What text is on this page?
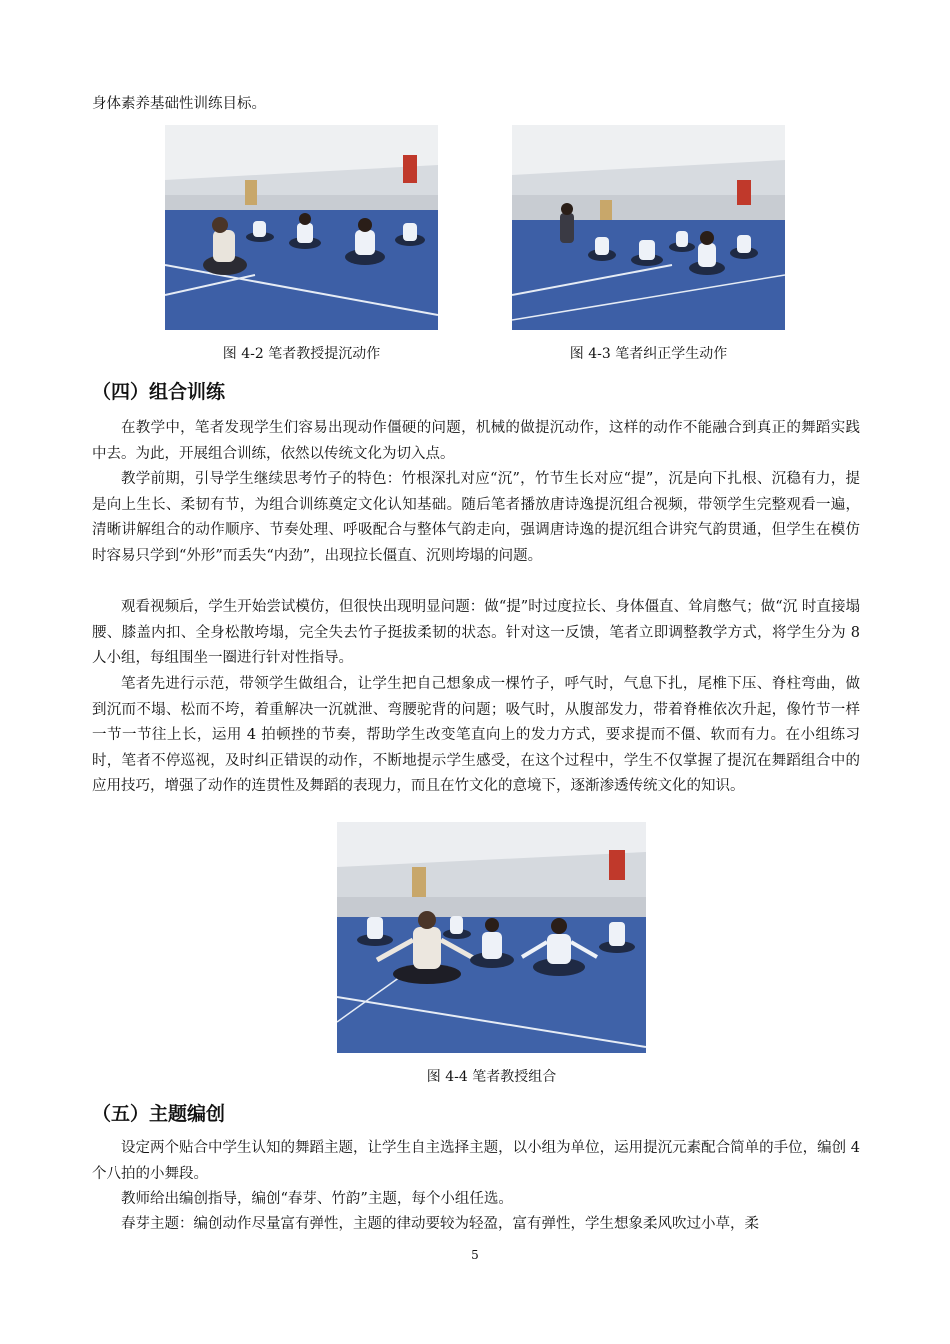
身体素养基础性训练目标。

图 4-2 笔者教授提沉动作	图 4-3 笔者纠正学生动作

（四）组合训练

在教学中，笔者发现学生们容易出现动作僵硬的问题，机械的做提沉动作，这样的动作不能融合到真正的舞蹈实践中去。为此，开展组合训练，依然以传统文化为切入点。

教学前期，引导学生继续思考竹子的特色：竹根深扎对应“沉”，竹节生长对应“提”，沉是向下扎根、沉稳有力，提是向上生长、柔韧有节，为组合训练奠定文化认知基础。随后笔者播放唐诗逸提沉组合视频，带领学生完整观看一遍，清晰讲解组合的动作顺序、节奏处理、呼吸配合与整体气韵走向，强调唐诗逸的提沉组合讲究气韵贯通，但学生在模仿时容易只学到“外形”而丢失“内劲”，出现拉长僵直、沉则垮塌的问题。

观看视频后，学生开始尝试模仿，但很快出现明显问题：做“提”时过度拉长、身体僵直、耸肩憋气；做“沉 时直接塌腰、膝盖内扣、全身松散垮塌，完全失去竹子挺拔柔韧的状态。针对这一反馈，笔者立即调整教学方式，将学生分为 8 人小组，每组围坐一圈进行针对性指导。

笔者先进行示范，带领学生做组合，让学生把自己想象成一棵竹子，呼气时，气息下扎，尾椎下压、脊柱弯曲，做到沉而不塌、松而不垮，着重解决一沉就泄、弯腰驼背的问题；吸气时，从腹部发力，带着脊椎依次升起，像竹节一样一节一节往上长，运用 4 拍顿挫的节奏，帮助学生改变笔直向上的发力方式，要求提而不僵、软而有力。在小组练习时，笔者不停巡视，及时纠正错误的动作，不断地提示学生感受，在这个过程中，学生不仅掌握了提沉在舞蹈组合中的应用技巧，增强了动作的连贯性及舞蹈的表现力，而且在竹文化的意境下，逐渐渗透传统文化的知识。

图 4-4 笔者教授组合

（五）主题编创

设定两个贴合中学生认知的舞蹈主题，让学生自主选择主题，以小组为单位，运用提沉元素配合简单的手位，编创 4 个八拍的小舞段。

教师给出编创指导，编创“春芽、竹韵”主题，每个小组任选。

春芽主题：编创动作尽量富有弹性，主题的律动要较为轻盈，富有弹性，学生想象柔风吹过小草，柔

5
